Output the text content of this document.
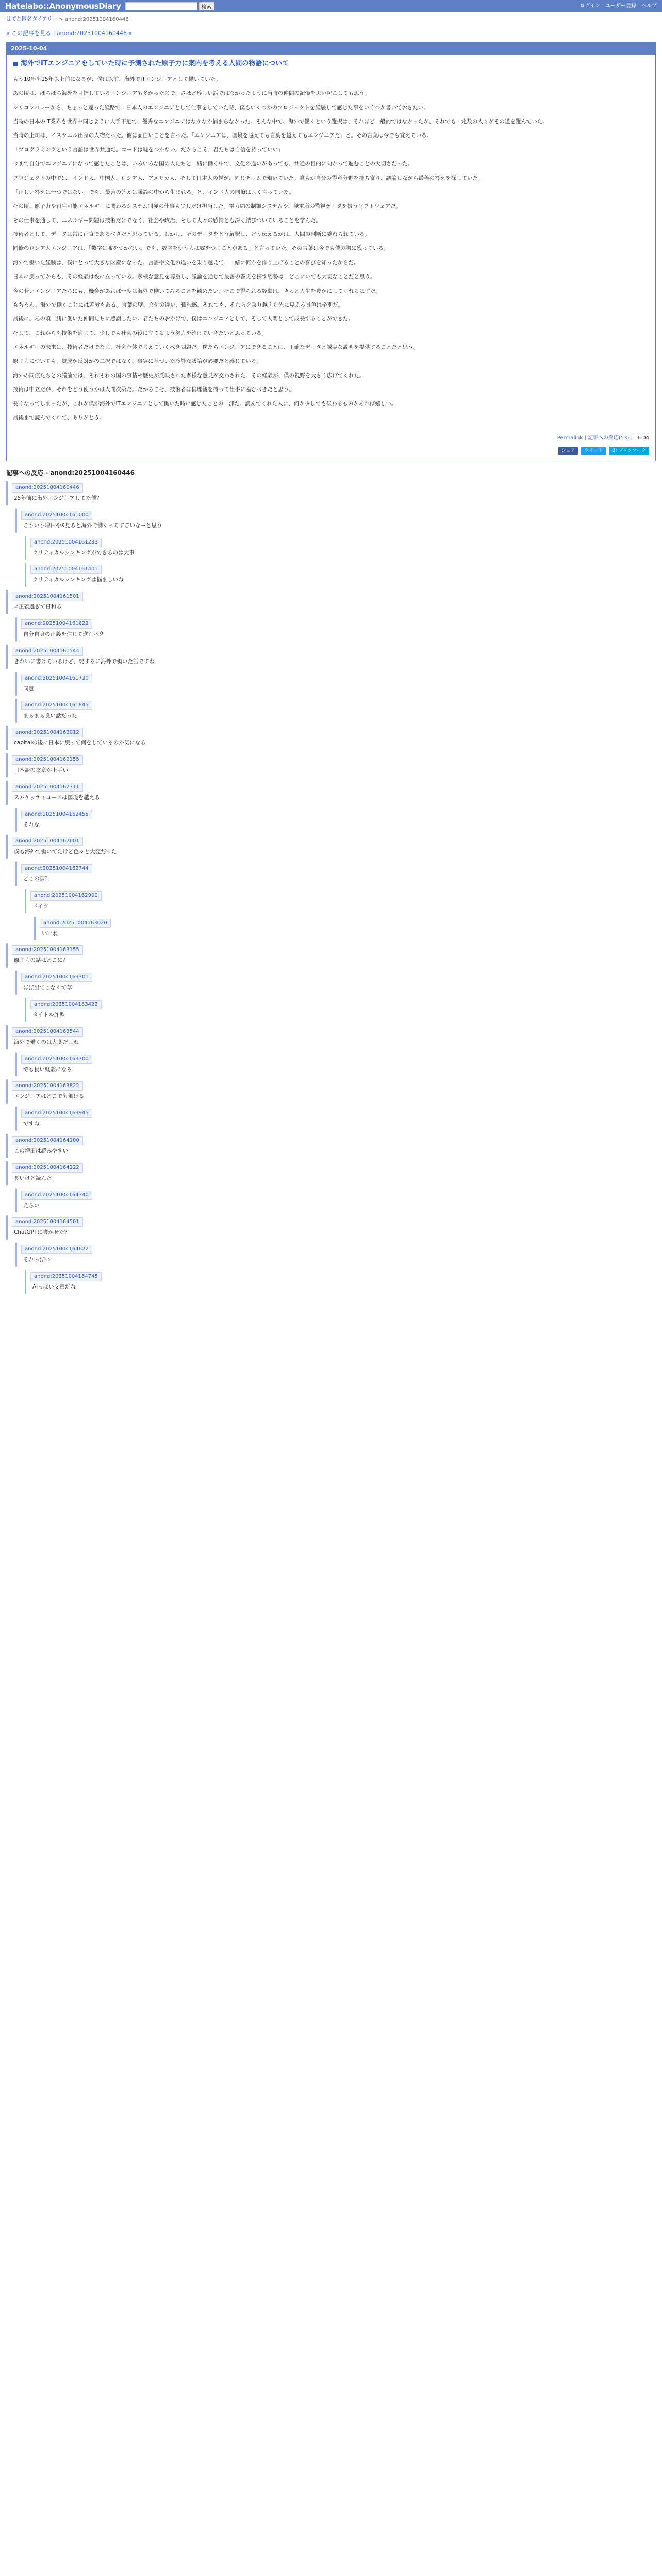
Hatelabo::AnonymousDiary	検索	ログイン ユーザー登録 ヘルプ
はてな匿名ダイアリー > anond:20251004160446
« この記事を見る | anond:20251004160446 »
2025-10-04
海外でITエンジニアをしていた時に予測された原子力に案内を考える人間の物語について

もう10年も15年以上前になるが、僕は以前、海外でITエンジニアとして働いていた。

あの頃は、ぼちぼち海外を目指しているエンジニアも多かったので、さほど珍しい話ではなかったように当時の仲間の記憶を思い起こしても思う。

シリコンバレーから、ちょっと違った経路で、日本人のエンジニアとして仕事をしていた時、僕もいくつかのプロジェクトを経験して感じた事をいくつか書いておきたい。

当時の日本のIT業界も世界中同じように人手不足で、優秀なエンジニアはなかなか捕まらなかった。そんな中で、海外で働くという選択は、それほど一般的ではなかったが、それでも一定数の人々がその道を選んでいた。

当時の上司は、イスラエル出身の人物だった。彼は面白いことを言った。「エンジニアは、国境を越えても言葉を越えてもエンジニアだ」と。その言葉は今でも覚えている。

「プログラミングという言語は世界共通だ。コードは嘘をつかない。だからこそ、君たちは自信を持っていい」

今まで自分でエンジニアになって感じたことは、いろいろな国の人たちと一緒に働く中で、文化の違いがあっても、共通の目的に向かって進むことの大切さだった。

プロジェクトの中では、インド人、中国人、ロシア人、アメリカ人、そして日本人の僕が、同じチームで働いていた。誰もが自分の得意分野を持ち寄り、議論しながら最善の答えを探していた。

「正しい答えは一つではない。でも、最善の答えは議論の中から生まれる」と、インド人の同僚はよく言っていた。

その頃、原子力や再生可能エネルギーに関わるシステム開発の仕事も少しだけ担当した。電力網の制御システムや、発電所の監視データを扱うソフトウェアだ。

その仕事を通して、エネルギー問題は技術だけでなく、社会や政治、そして人々の感情とも深く結びついていることを学んだ。

技術者として、データは常に正直であるべきだと思っている。しかし、そのデータをどう解釈し、どう伝えるかは、人間の判断に委ねられている。

同僚のロシア人エンジニアは、「数字は嘘をつかない。でも、数字を使う人は嘘をつくことがある」と言っていた。その言葉は今でも僕の胸に残っている。

海外で働いた経験は、僕にとって大きな財産になった。言語や文化の違いを乗り越えて、一緒に何かを作り上げることの喜びを知ったからだ。

日本に戻ってからも、その経験は役に立っている。多様な意見を尊重し、議論を通じて最善の答えを探す姿勢は、どこにいても大切なことだと思う。

今の若いエンジニアたちにも、機会があれば一度は海外で働いてみることを勧めたい。そこで得られる経験は、きっと人生を豊かにしてくれるはずだ。

もちろん、海外で働くことには苦労もある。言葉の壁、文化の違い、孤独感。それでも、それらを乗り越えた先に見える景色は格別だ。

最後に、あの頃一緒に働いた仲間たちに感謝したい。君たちのおかげで、僕はエンジニアとして、そして人間として成長することができた。

そして、これからも技術を通じて、少しでも社会の役に立てるよう努力を続けていきたいと思っている。

エネルギーの未来は、技術者だけでなく、社会全体で考えていくべき問題だ。僕たちエンジニアにできることは、正確なデータと誠実な説明を提供することだと思う。

原子力についても、賛成か反対かの二択ではなく、事実に基づいた冷静な議論が必要だと感じている。

海外の同僚たちとの議論では、それぞれの国の事情や歴史が反映された多様な意見が交わされた。その経験が、僕の視野を大きく広げてくれた。

技術は中立だが、それをどう使うかは人間次第だ。だからこそ、技術者は倫理観を持って仕事に臨むべきだと思う。

長くなってしまったが、これが僕が海外でITエンジニアとして働いた時に感じたことの一部だ。読んでくれた人に、何か少しでも伝わるものがあれば嬉しい。

最後まで読んでくれて、ありがとう。

Permalink | 記事への反応(53) | 16:04
シェア	ツイート	B! ブックマーク
記事への反応 - anond:20251004160446
anond:20251004160446
25年前に海外エンジニアしてた僕？
anond:20251004161000
こういう増田やX見ると海外で働くってすごいなーと思う
anond:20251004161233
クリティカルシンキングができるのは大事
anond:20251004161401
クリティカルシンキングは悩ましいね
anond:20251004161501
≠正義過ぎて日和る
anond:20251004161622
自分自身の正義を信じて進むべき
anond:20251004161544
きれいに書けているけど、要するに海外で働いた話ですね
anond:20251004161730
同意
anond:20251004161845
まぁまぁ良い話だった
anond:20251004162012
capitalの後に日本に戻って何をしているのか気になる
anond:20251004162155
日本語の文章が上手い
anond:20251004162311
スパゲッティコードは国境を越える
anond:20251004162455
それな
anond:20251004162601
僕も海外で働いてたけど色々と大変だった
anond:20251004162744
どこの国？
anond:20251004162900
ドイツ
anond:20251004163020
いいね
anond:20251004163155
原子力の話はどこに？
anond:20251004163301
ほぼ出てこなくて草
anond:20251004163422
タイトル詐欺
anond:20251004163544
海外で働くのは大変だよね
anond:20251004163700
でも良い経験になる
anond:20251004163822
エンジニアはどこでも働ける
anond:20251004163945
ですね
anond:20251004164100
この増田は読みやすい
anond:20251004164222
長いけど読んだ
anond:20251004164340
えらい
anond:20251004164501
ChatGPTに書かせた？
anond:20251004164622
それっぽい
anond:20251004164745
AIっぽい文章だね
